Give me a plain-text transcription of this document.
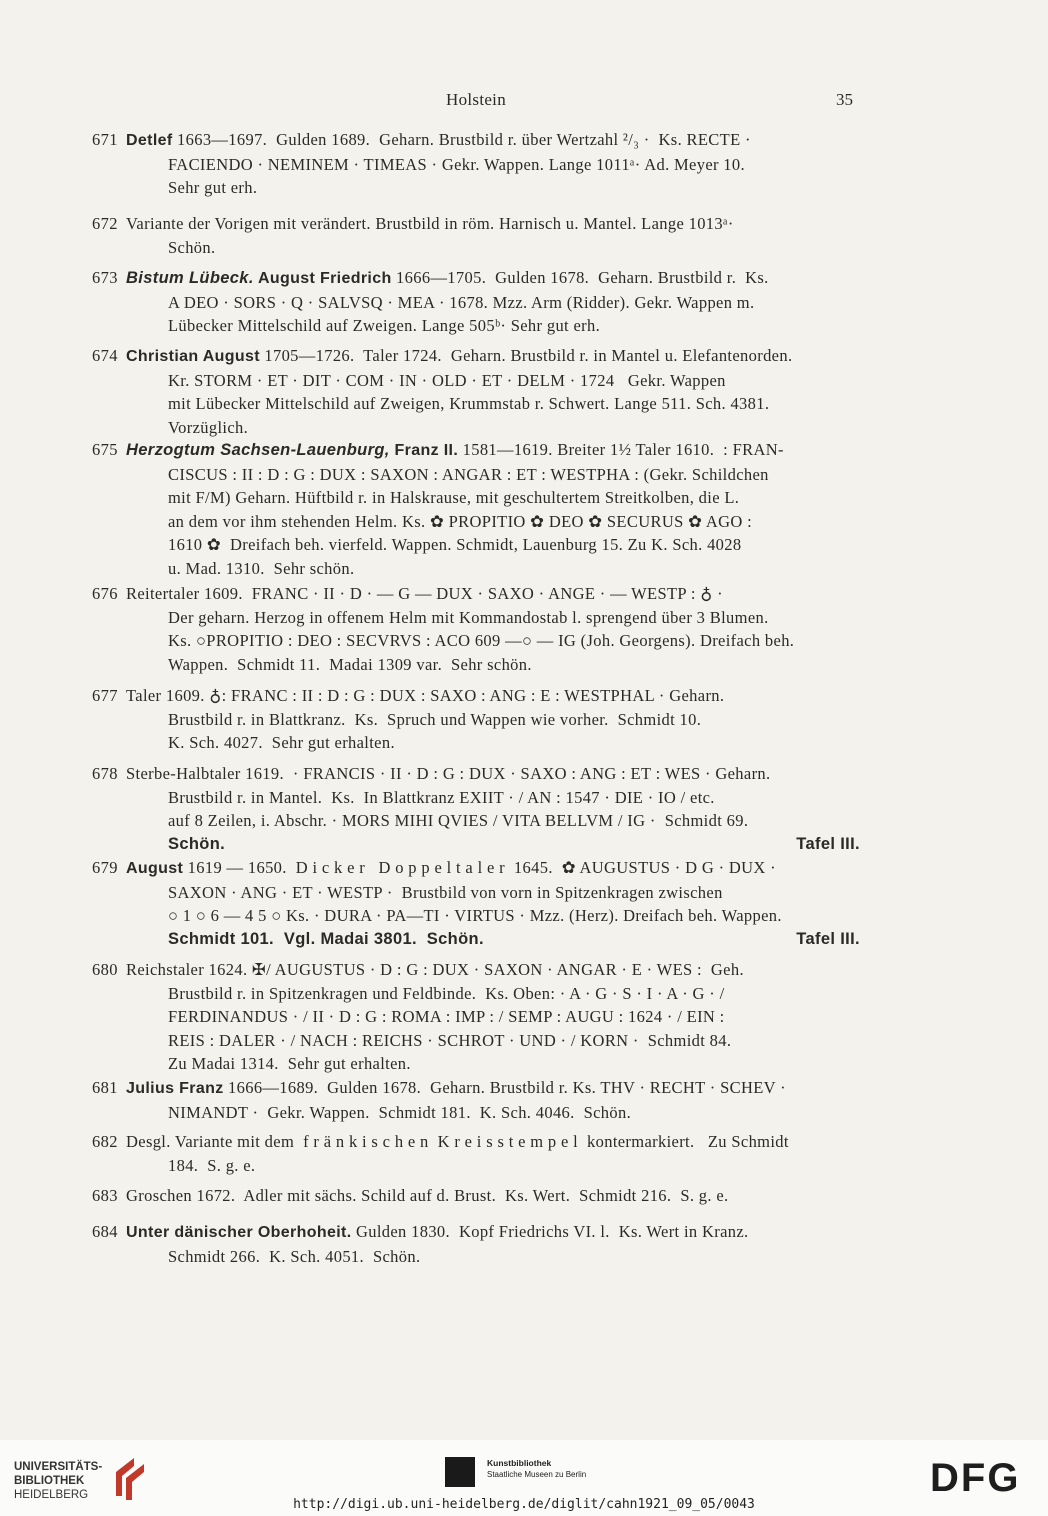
Holstein	35
671 Detlef 1663—1697.  Gulden 1689.  Geharn. Brustbild r. über Wertzahl ²/₃ ·  Ks. RECTE ·
FACIENDO · NEMINEM · TIMEAS · Gekr. Wappen. Lange 1011ᵃ· Ad. Meyer 10.
Sehr gut erh.
672 Variante der Vorigen mit verändert. Brustbild in röm. Harnisch u. Mantel. Lange 1013ᵃ·
Schön.
673 Bistum Lübeck. August Friedrich 1666—1705.  Gulden 1678.  Geharn. Brustbild r.  Ks.
A DEO · SORS · Q · SALVSQ · MEA · 1678. Mzz. Arm (Ridder). Gekr. Wappen m.
Lübecker Mittelschild auf Zweigen. Lange 505ᵇ· Sehr gut erh.
674 Christian August 1705—1726.  Taler 1724.  Geharn. Brustbild r. in Mantel u. Elefantenorden.
Kr. STORM · ET · DIT · COM · IN · OLD · ET · DELM · 1724   Gekr. Wappen
mit Lübecker Mittelschild auf Zweigen, Krummstab r. Schwert. Lange 511. Sch. 4381.
Vorzüglich.
675 Herzogtum Sachsen-Lauenburg, Franz II. 1581—1619. Breiter 1½ Taler 1610.  : FRAN-
CISCUS : II : D : G : DUX : SAXON : ANGAR : ET : WESTPHA : (Gekr. Schildchen
mit F/M) Geharn. Hüftbild r. in Halskrause, mit geschultertem Streitkolben, die L.
an dem vor ihm stehenden Helm. Ks. ✿ PROPITIO ✿ DEO ✿ SECURUS ✿ AGO :
1610 ✿  Dreifach beh. vierfeld. Wappen. Schmidt, Lauenburg 15. Zu K. Sch. 4028
u. Mad. 1310.  Sehr schön.
676 Reitertaler 1609.  FRANC · II · D · — G — DUX · SAXO · ANGE · — WESTP : ♁ ·
Der geharn. Herzog in offenem Helm mit Kommandostab l. sprengend über 3 Blumen.
Ks. ○PROPITIO : DEO : SECVRVS : ACO 609 —○ — IG (Joh. Georgens). Dreifach beh.
Wappen.  Schmidt 11.  Madai 1309 var.  Sehr schön.
677 Taler 1609. ♁: FRANC : II : D : G : DUX : SAXO : ANG : E : WESTPHAL · Geharn.
Brustbild r. in Blattkranz.  Ks.  Spruch und Wappen wie vorher.  Schmidt 10.
K. Sch. 4027.  Sehr gut erhalten.
678 Sterbe-Halbtaler 1619.  · FRANCIS · II · D : G : DUX · SAXO : ANG : ET : WES · Geharn.
Brustbild r. in Mantel.  Ks.  In Blattkranz EXIIT · / AN : 1547 · DIE · IO / etc.
auf 8 Zeilen, i. Abschr. · MORS MIHI QVIES / VITA BELLVM / IG ·  Schmidt 69.
Schön.	Tafel III.
679 August 1619 — 1650.  D i c k e r   D o p p e l t a l e r  1645.  ✿ AUGUSTUS · D G · DUX ·
SAXON · ANG · ET · WESTP ·  Brustbild von vorn in Spitzenkragen zwischen
○ 1 ○ 6 — 4 5 ○ Ks. · DURA · PA—TI · VIRTUS · Mzz. (Herz). Dreifach beh. Wappen.
Schmidt 101.  Vgl. Madai 3801.  Schön.	Tafel III.
680 Reichstaler 1624. ✠/ AUGUSTUS · D : G : DUX · SAXON · ANGAR · E · WES :  Geh.
Brustbild r. in Spitzenkragen und Feldbinde.  Ks. Oben: · A · G · S · I · A · G · /
FERDINANDUS · / II · D : G : ROMA : IMP : / SEMP : AUGU : 1624 · / EIN :
REIS : DALER · / NACH : REICHS · SCHROT · UND · / KORN ·  Schmidt 84.
Zu Madai 1314.  Sehr gut erhalten.
681 Julius Franz 1666—1689.  Gulden 1678.  Geharn. Brustbild r. Ks. THV · RECHT · SCHEV ·
NIMANDT ·  Gekr. Wappen.  Schmidt 181.  K. Sch. 4046.  Schön.
682 Desgl. Variante mit dem  f r ä n k i s c h e n  K r e i s s t e m p e l  kontermarkiert.   Zu Schmidt
184.  S. g. e.
683 Groschen 1672.  Adler mit sächs. Schild auf d. Brust.  Ks. Wert.  Schmidt 216.  S. g. e.
684 Unter dänischer Oberhoheit. Gulden 1830.  Kopf Friedrichs VI. l.  Ks. Wert in Kranz.
Schmidt 266.  K. Sch. 4051.  Schön.
UNIVERSITÄTS-
BIBLIOTHEK
HEIDELBERG
Kunstbibliothek
Staatliche Museen zu Berlin	DFG
http://digi.ub.uni-heidelberg.de/diglit/cahn1921_09_05/0043
